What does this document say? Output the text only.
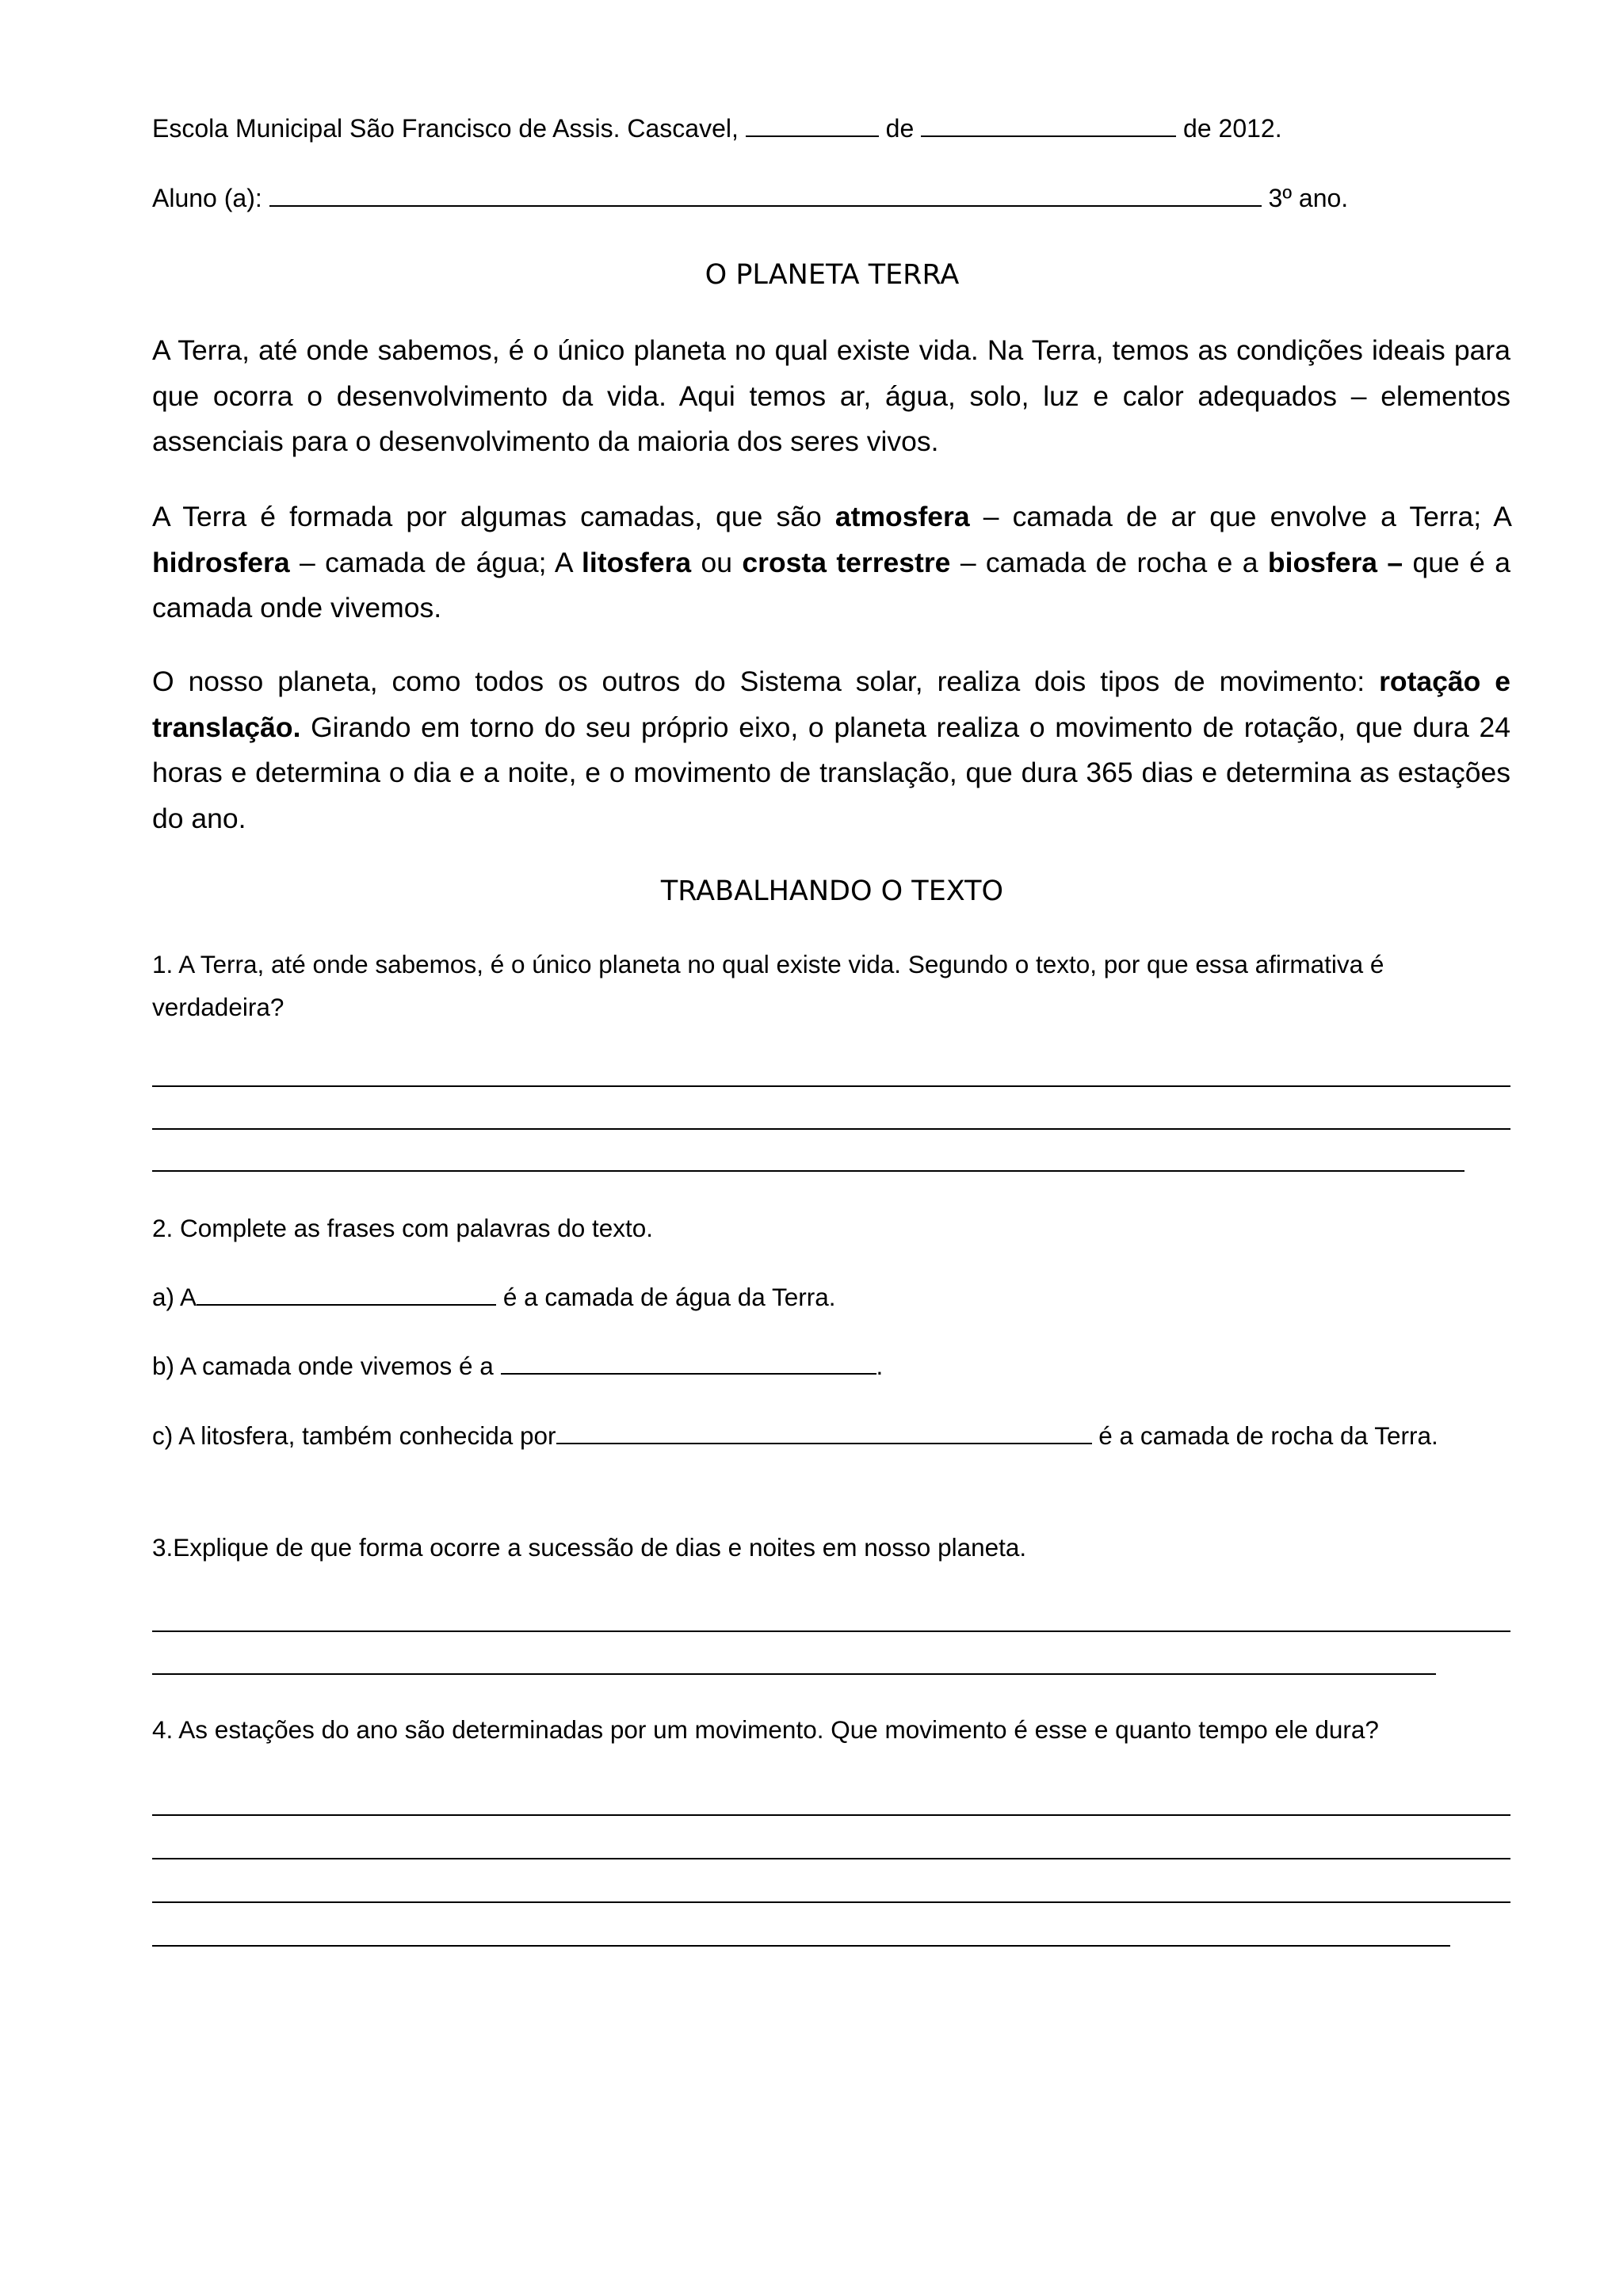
Escola Municipal São Francisco de Assis. Cascavel,	de	de 2012.

Aluno (a):	3º ano.

O PLANETA TERRA

A Terra, até onde sabemos, é o único planeta no qual existe vida. Na Terra, temos as condições ideais para que ocorra o desenvolvimento da vida. Aqui temos ar, água, solo, luz e calor adequados – elementos assenciais para o desenvolvimento da maioria dos seres vivos.

A Terra é formada por algumas camadas, que são atmosfera – camada de ar que envolve a Terra; A hidrosfera – camada de água; A litosfera ou crosta terrestre – camada de rocha e a biosfera – que é a camada onde vivemos.

O nosso planeta, como todos os outros do Sistema solar, realiza dois tipos de movimento: rotação e translação. Girando em torno do seu próprio eixo, o planeta realiza o movimento de rotação, que dura 24 horas e determina o dia e a noite, e o movimento de translação, que dura 365 dias e determina as estações do ano.

TRABALHANDO O TEXTO

1. A Terra, até onde sabemos, é o único planeta no qual existe vida. Segundo o texto, por que essa afirmativa é verdadeira?

2. Complete as frases com palavras do texto.

a) A	é a camada de água da Terra.

b) A camada onde vivemos é a	.

c) A litosfera, também conhecida por	é a camada de rocha da Terra.

3.Explique de que forma ocorre a sucessão de dias e noites em nosso planeta.

4. As estações do ano são determinadas por um movimento. Que movimento é esse e quanto tempo ele dura?
